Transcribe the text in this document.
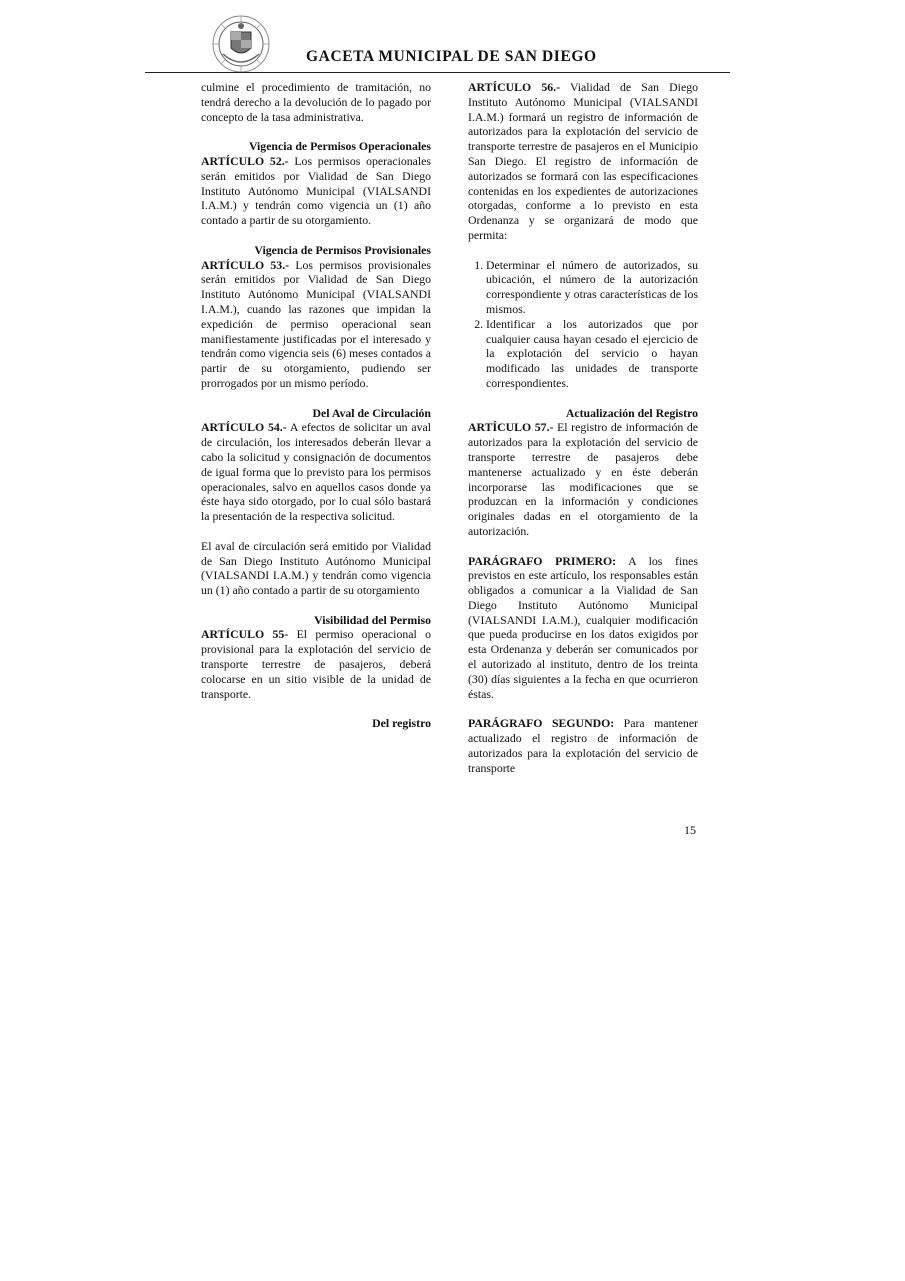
GACETA MUNICIPAL DE SAN DIEGO

culmine el procedimiento de tramitación, no tendrá derecho a la devolución de lo pagado por concepto de la tasa administrativa.

Vigencia de Permisos Operacionales

ARTÍCULO 52.- Los permisos operacionales serán emitidos por Vialidad de San Diego Instituto Autónomo Municipal (VIALSANDI I.A.M.) y tendrán como vigencia un (1) año contado a partir de su otorgamiento.

Vigencia de Permisos Provisionales

ARTÍCULO 53.- Los permisos provisionales serán emitidos por Vialidad de San Diego Instituto Autónomo Municipal (VIALSANDI I.A.M.), cuando las razones que impidan la expedición de permiso operacional sean manifiestamente justificadas por el interesado y tendrán como vigencia seis (6) meses contados a partir de su otorgamiento, pudiendo ser prorrogados por un mismo período.

Del Aval de Circulación

ARTÍCULO 54.- A efectos de solicitar un aval de circulación, los interesados deberán llevar a cabo la solicitud y consignación de documentos de igual forma que lo previsto para los permisos operacionales, salvo en aquellos casos donde ya éste haya sido otorgado, por lo cual sólo bastará la presentación de la respectiva solicitud.

El aval de circulación será emitido por Vialidad de San Diego Instituto Autónomo Municipal (VIALSANDI I.A.M.) y tendrán como vigencia un (1) año contado a partir de su otorgamiento

Visibilidad del Permiso

ARTÍCULO 55- El permiso operacional o provisional para la explotación del servicio de transporte terrestre de pasajeros, deberá colocarse en un sitio visible de la unidad de transporte.

Del registro

ARTÍCULO 56.- Vialidad de San Diego Instituto Autónomo Municipal (VIALSANDI I.A.M.) formará un registro de información de autorizados para la explotación del servicio de transporte terrestre de pasajeros en el Municipio San Diego. El registro de información de autorizados se formará con las especificaciones contenidas en los expedientes de autorizaciones otorgadas, conforme a lo previsto en esta Ordenanza y se organizará de modo que permita:

1. Determinar el número de autorizados, su ubicación, el número de la autorización correspondiente y otras características de los mismos.
2. Identificar a los autorizados que por cualquier causa hayan cesado el ejercicio de la explotación del servicio o hayan modificado las unidades de transporte correspondientes.
Actualización del Registro

ARTÍCULO 57.- El registro de información de autorizados para la explotación del servicio de transporte terrestre de pasajeros debe mantenerse actualizado y en éste deberán incorporarse las modificaciones que se produzcan en la información y condiciones originales dadas en el otorgamiento de la autorización.

PARÁGRAFO PRIMERO: A los fines previstos en este artículo, los responsables están obligados a comunicar a la Vialidad de San Diego Instituto Autónomo Municipal (VIALSANDI I.A.M.), cualquier modificación que pueda producirse en los datos exigidos por esta Ordenanza y deberán ser comunicados por el autorizado al instituto, dentro de los treinta (30) días siguientes a la fecha en que ocurrieron éstas.

PARÁGRAFO SEGUNDO: Para mantener actualizado el registro de información de autorizados para la explotación del servicio de transporte

15
